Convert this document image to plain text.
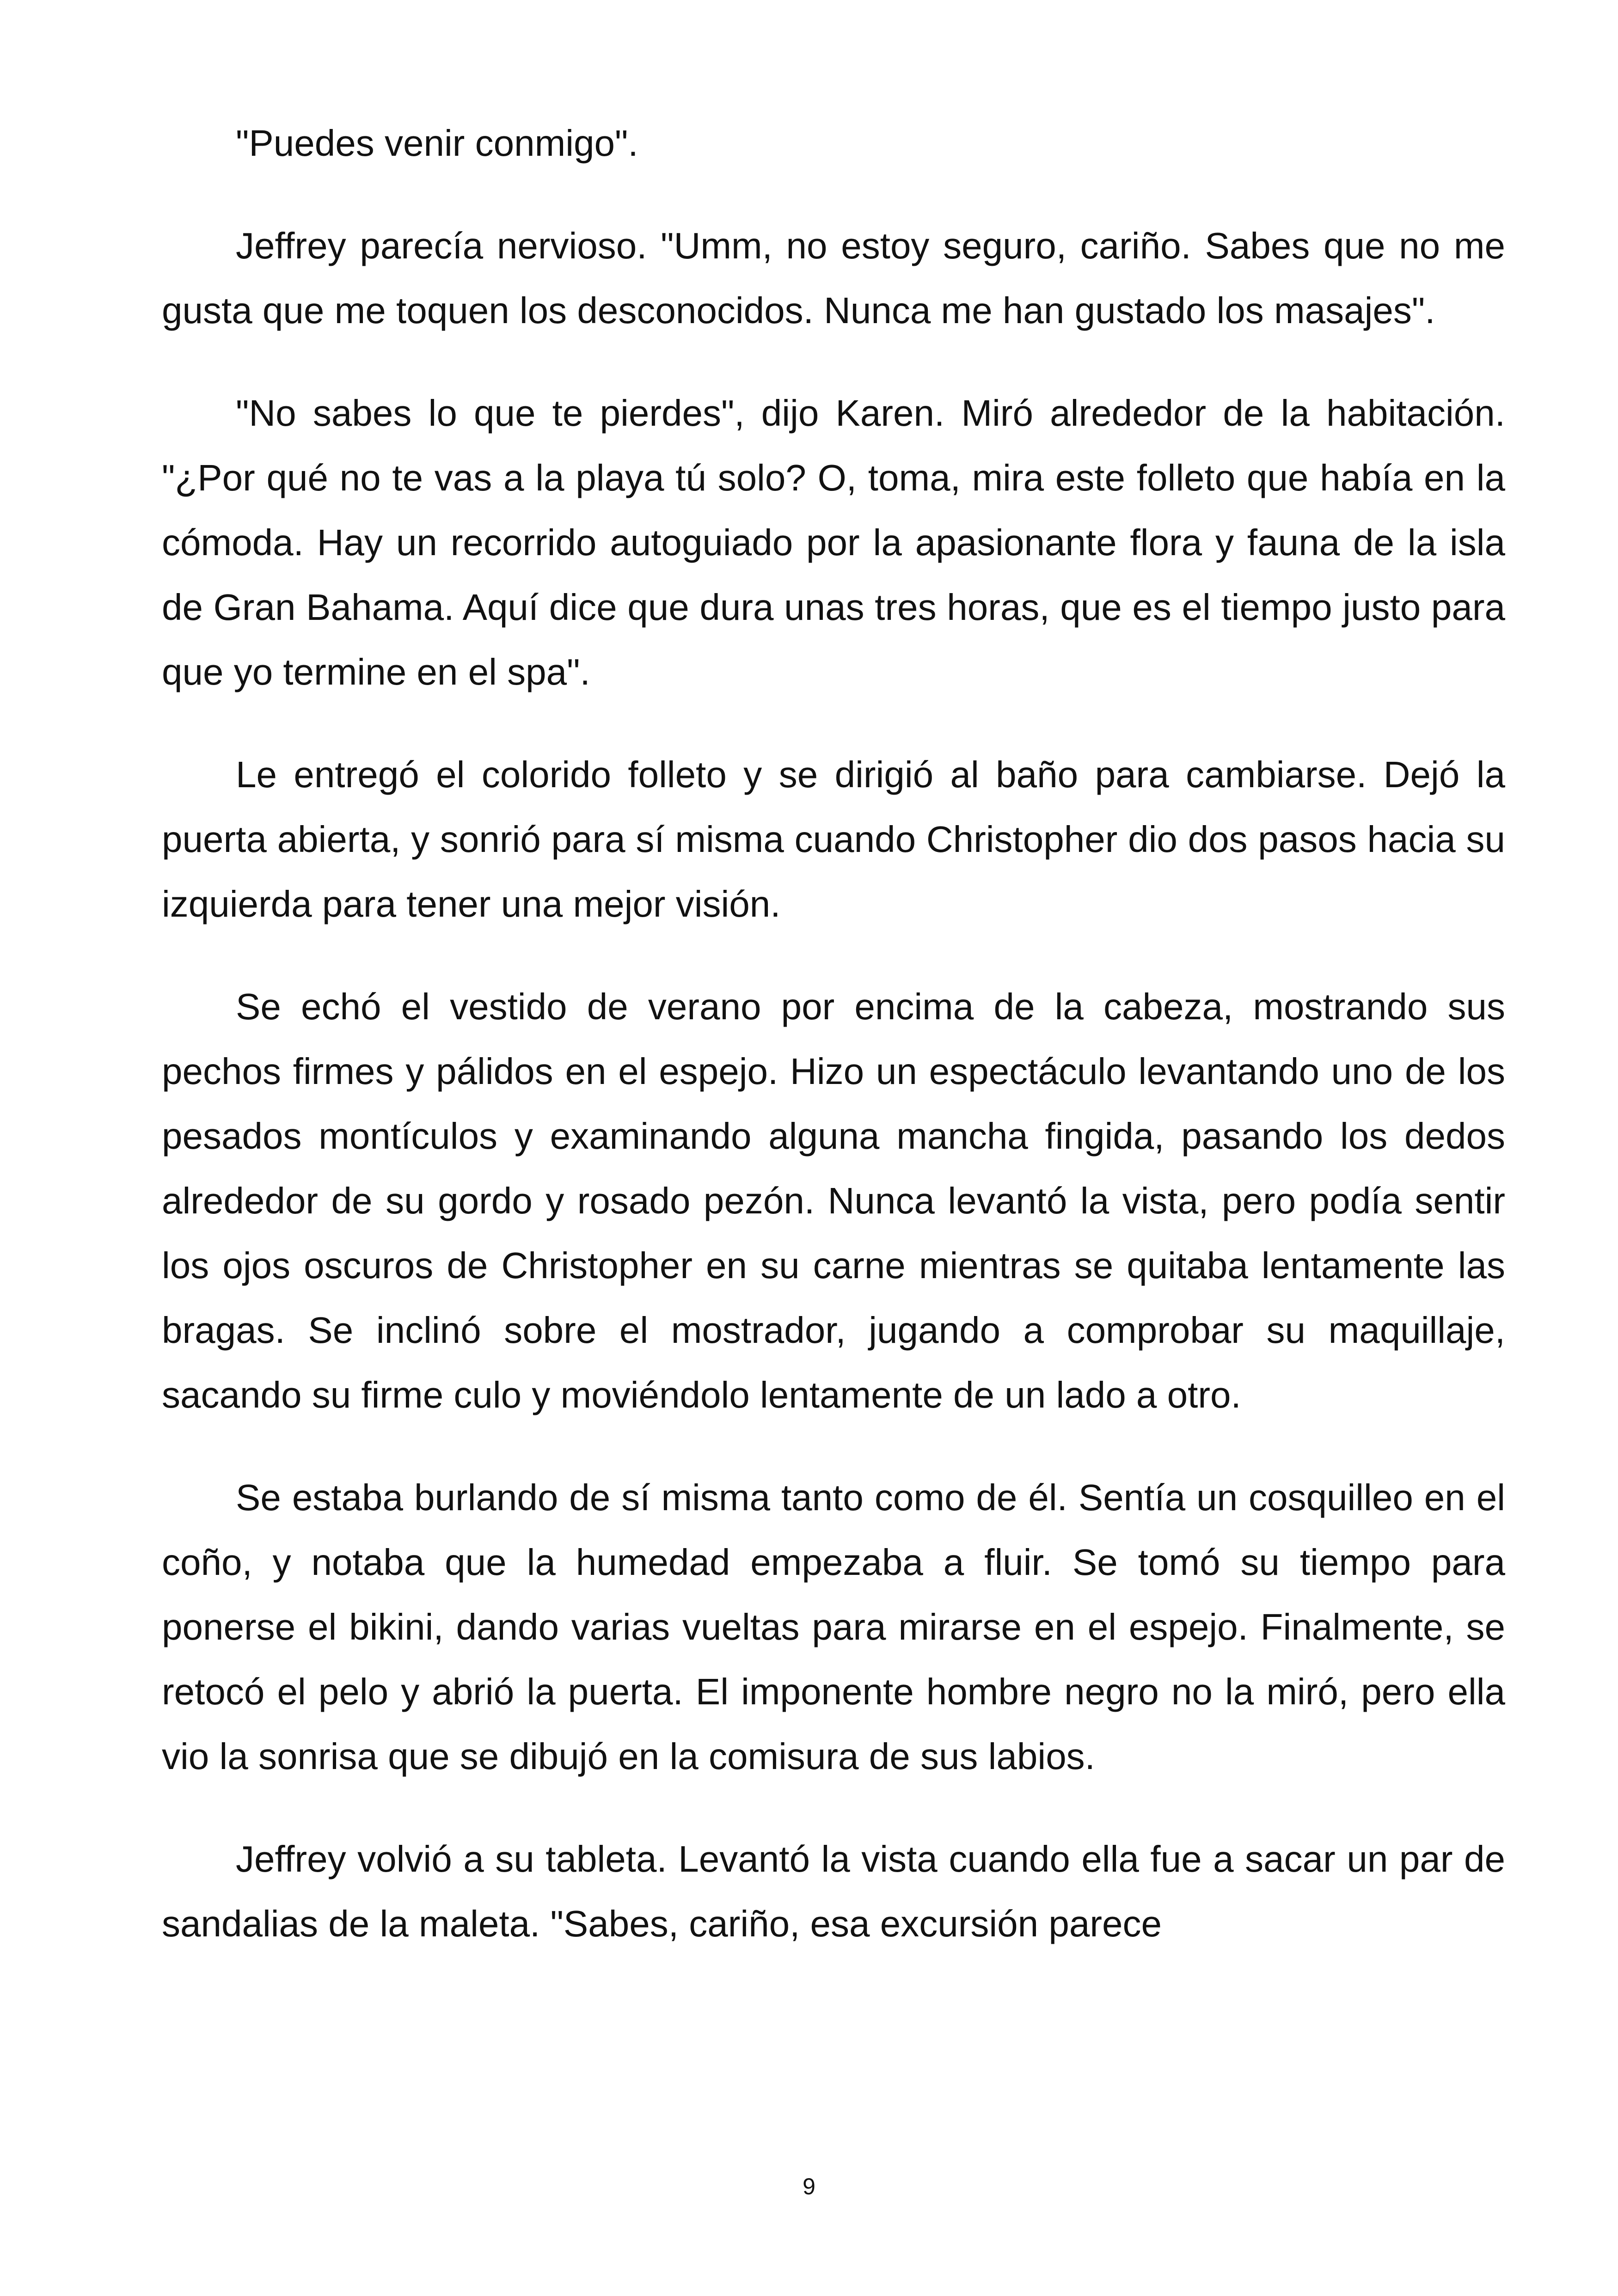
"Puedes venir conmigo".

Jeffrey parecía nervioso. "Umm, no estoy seguro, cariño. Sabes que no me gusta que me toquen los desconocidos. Nunca me han gustado los masajes".

"No sabes lo que te pierdes", dijo Karen. Miró alrededor de la habitación. "¿Por qué no te vas a la playa tú solo? O, toma, mira este folleto que había en la cómoda. Hay un recorrido autoguiado por la apasionante flora y fauna de la isla de Gran Bahama. Aquí dice que dura unas tres horas, que es el tiempo justo para que yo termine en el spa".

Le entregó el colorido folleto y se dirigió al baño para cambiarse. Dejó la puerta abierta, y sonrió para sí misma cuando Christopher dio dos pasos hacia su izquierda para tener una mejor visión.

Se echó el vestido de verano por encima de la cabeza, mostrando sus pechos firmes y pálidos en el espejo. Hizo un espectáculo levantando uno de los pesados montículos y examinando alguna mancha fingida, pasando los dedos alrededor de su gordo y rosado pezón. Nunca levantó la vista, pero podía sentir los ojos oscuros de Christopher en su carne mientras se quitaba lentamente las bragas. Se inclinó sobre el mostrador, jugando a comprobar su maquillaje, sacando su firme culo y moviéndolo lentamente de un lado a otro.

Se estaba burlando de sí misma tanto como de él. Sentía un cosquilleo en el coño, y notaba que la humedad empezaba a fluir. Se tomó su tiempo para ponerse el bikini, dando varias vueltas para mirarse en el espejo. Finalmente, se retocó el pelo y abrió la puerta. El imponente hombre negro no la miró, pero ella vio la sonrisa que se dibujó en la comisura de sus labios.

Jeffrey volvió a su tableta. Levantó la vista cuando ella fue a sacar un par de sandalias de la maleta. "Sabes, cariño, esa excursión parece

9
